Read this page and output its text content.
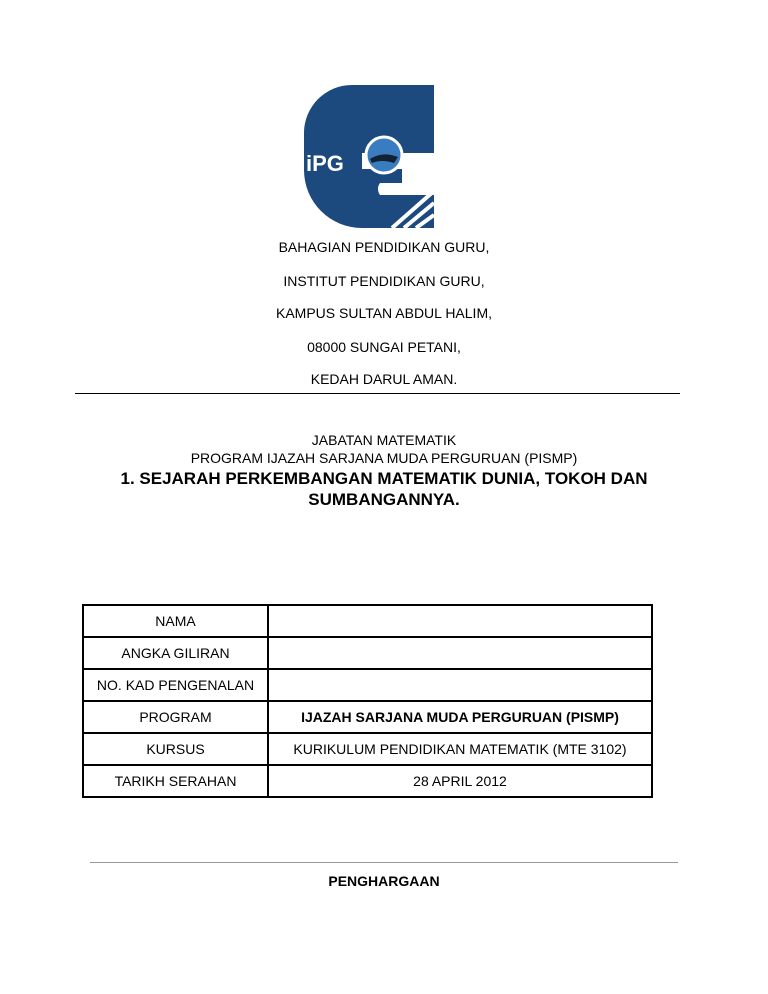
iPG
BAHAGIAN PENDIDIKAN GURU,
INSTITUT PENDIDIKAN GURU,
KAMPUS SULTAN ABDUL HALIM,
08000 SUNGAI PETANI,
KEDAH DARUL AMAN.
JABATAN MATEMATIK
PROGRAM IJAZAH SARJANA MUDA PERGURUAN (PISMP)
1. SEJARAH PERKEMBANGAN MATEMATIK DUNIA, TOKOH DAN
SUMBANGANNYA.
NAMA	
ANGKA GILIRAN	
NO. KAD PENGENALAN	
PROGRAM	IJAZAH SARJANA MUDA PERGURUAN (PISMP)
KURSUS	KURIKULUM PENDIDIKAN MATEMATIK (MTE 3102)
TARIKH SERAHAN	28 APRIL 2012
PENGHARGAAN
